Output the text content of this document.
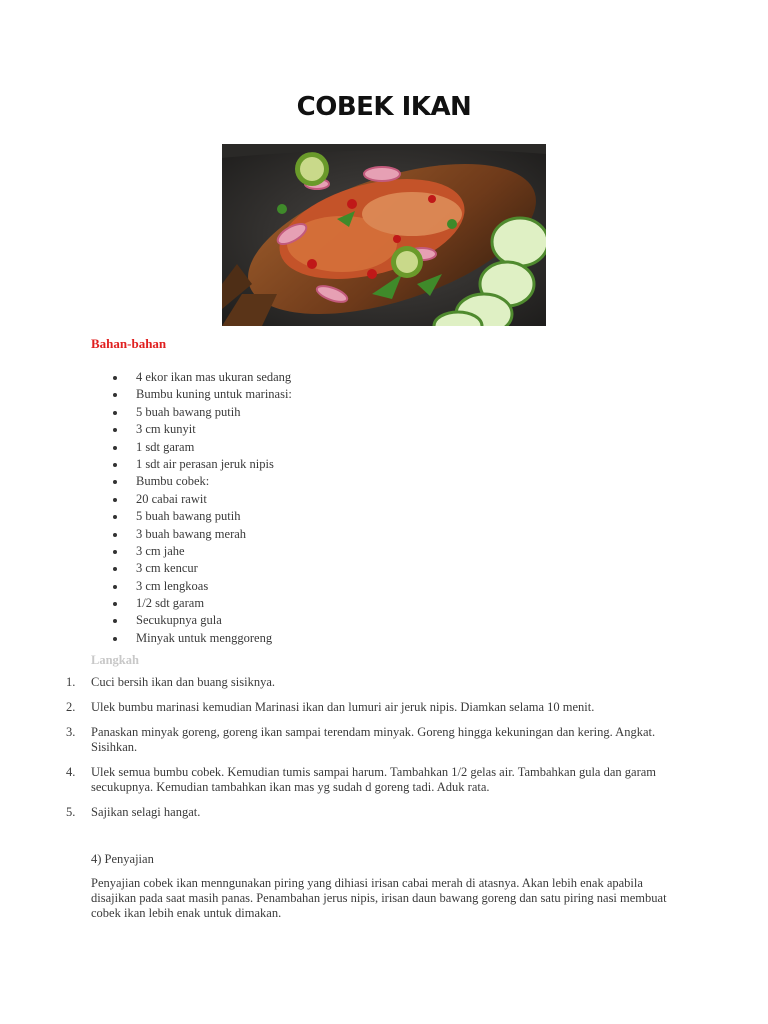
COBEK IKAN
Bahan-bahan
4 ekor ikan mas ukuran sedang
Bumbu kuning untuk marinasi:
5 buah bawang putih
3 cm kunyit
1 sdt garam
1 sdt air perasan jeruk nipis
Bumbu cobek:
20 cabai rawit
5 buah bawang putih
3 buah bawang merah
3 cm jahe
3 cm kencur
3 cm lengkoas
1/2 sdt garam
Secukupnya gula
Minyak untuk menggoreng
Langkah
1. Cuci bersih ikan dan buang sisiknya.
2. Ulek bumbu marinasi kemudian Marinasi ikan dan lumuri air jeruk nipis. Diamkan selama 10 menit.
3. Panaskan minyak goreng, goreng ikan sampai terendam minyak. Goreng hingga kekuningan dan kering. Angkat. Sisihkan.
4. Ulek semua bumbu cobek. Kemudian tumis sampai harum. Tambahkan 1/2 gelas air. Tambahkan gula dan garam secukupnya. Kemudian tambahkan ikan mas yg sudah d goreng tadi. Aduk rata.
5. Sajikan selagi hangat.

4) Penyajian

Penyajian cobek ikan menngunakan piring yang dihiasi irisan cabai merah di atasnya. Akan lebih enak apabila disajikan pada saat masih panas. Penambahan jerus nipis, irisan daun bawang goreng dan satu piring nasi membuat cobek ikan lebih enak untuk dimakan.
